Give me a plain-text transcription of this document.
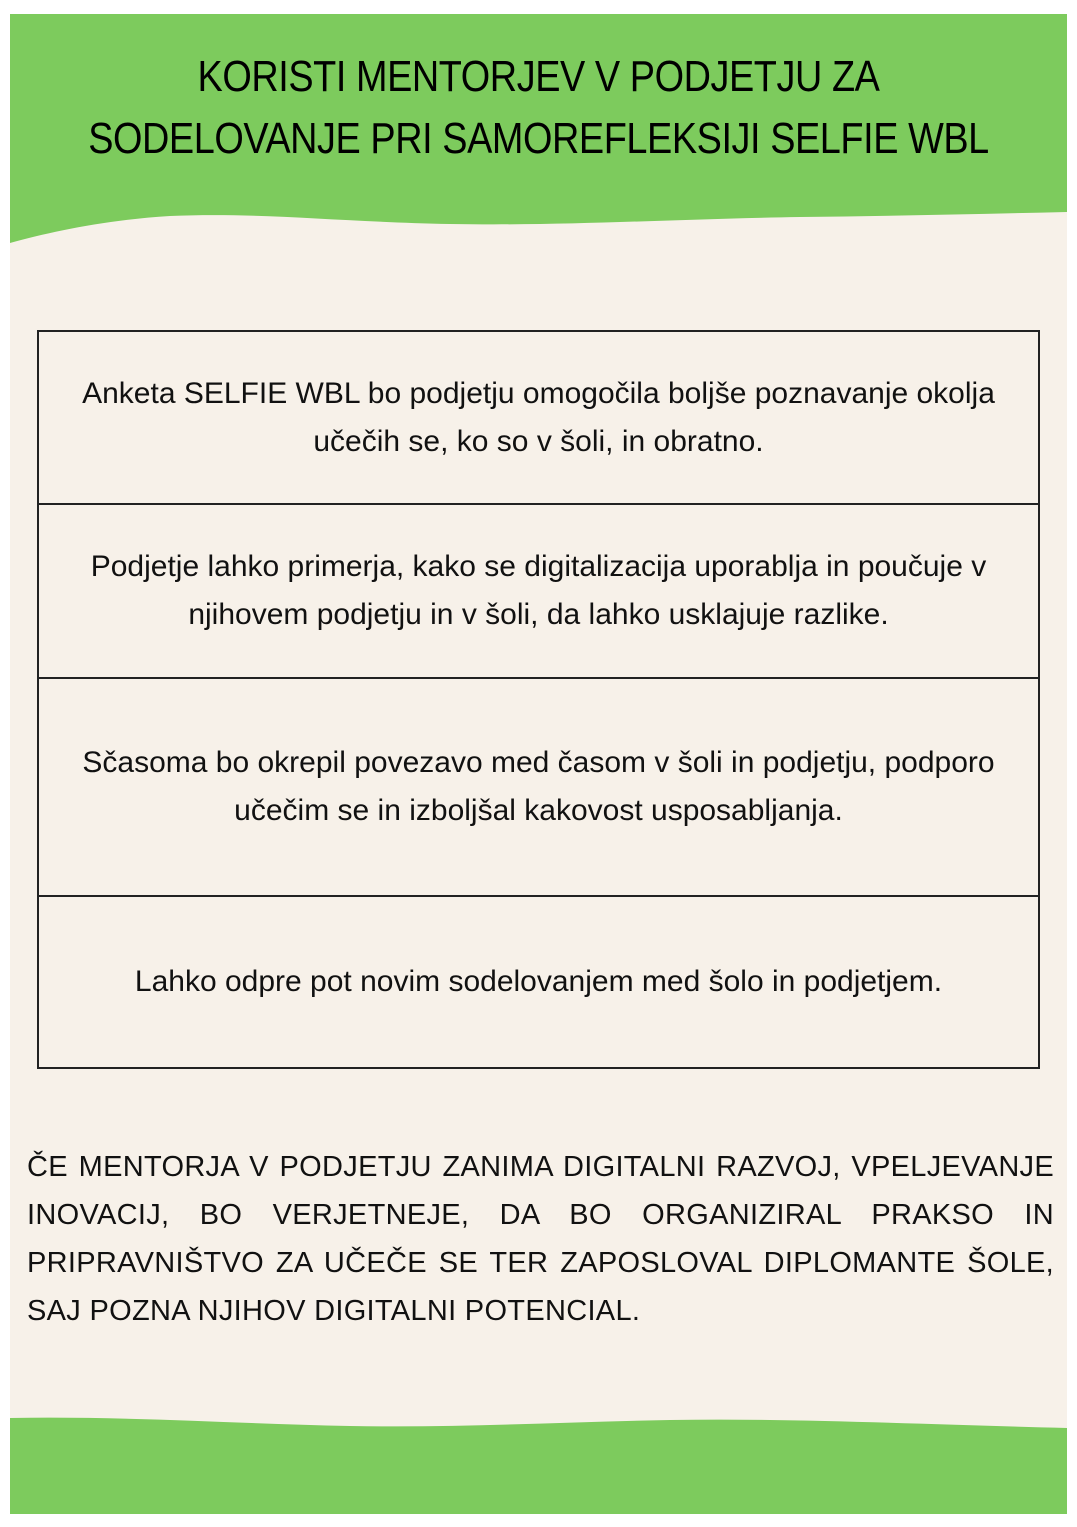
KORISTI MENTORJEV V PODJETJU ZA
SODELOVANJE PRI SAMOREFLEKSIJI SELFIE WBL
Anketa SELFIE WBL bo podjetju omogočila boljše poznavanje okolja učečih se, ko so v šoli, in obratno.
Podjetje lahko primerja, kako se digitalizacija uporablja in poučuje v njihovem podjetju in v šoli, da lahko usklajuje razlike.
Sčasoma bo okrepil povezavo med časom v šoli in podjetju, podporo učečim se in izboljšal kakovost usposabljanja.
Lahko odpre pot novim sodelovanjem med šolo in podjetjem.

ČE MENTORJA V PODJETJU ZANIMA DIGITALNI RAZVOJ, VPELJEVANJE INOVACIJ, BO VERJETNEJE, DA BO ORGANIZIRAL PRAKSO IN PRIPRAVNIŠTVO ZA UČEČE SE TER ZAPOSLOVAL DIPLOMANTE ŠOLE, SAJ POZNA NJIHOV DIGITALNI POTENCIAL.
